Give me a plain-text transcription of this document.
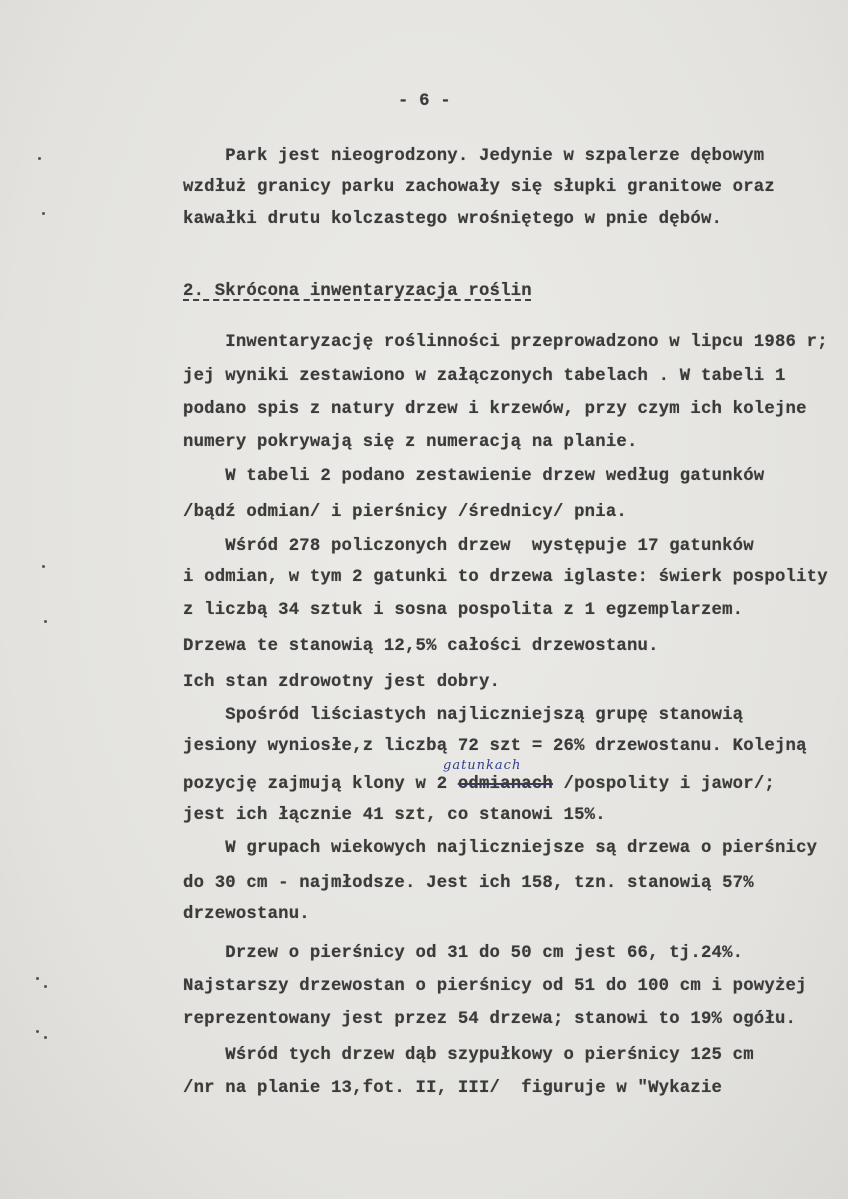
- 6 -
Park jest nieogrodzony. Jedynie w szpalerze dębowym
wzdłuż granicy parku zachowały się słupki granitowe oraz
kawałki drutu kolczastego wrośniętego w pnie dębów.
2. Skrócona inwentaryzacja roślin
Inwentaryzację roślinności przeprowadzono w lipcu 1986 r;
jej wyniki zestawiono w załączonych tabelach . W tabeli 1
podano spis z natury drzew i krzewów, przy czym ich kolejne
numery pokrywają się z numeracją na planie.
W tabeli 2 podano zestawienie drzew według gatunków
/bądź odmian/ i pierśnicy /średnicy/ pnia.
Wśród 278 policzonych drzew  występuje 17 gatunków
i odmian, w tym 2 gatunki to drzewa iglaste: świerk pospolity
z liczbą 34 sztuk i sosna pospolita z 1 egzemplarzem.
Drzewa te stanowią 12,5% całości drzewostanu.
Ich stan zdrowotny jest dobry.
Spośród liściastych najliczniejszą grupę stanowią
jesiony wyniosłe,z liczbą 72 szt = 26% drzewostanu. Kolejną
gatunkach
pozycję zajmują klony w 2 odmianach /pospolity i jawor/;
jest ich łącznie 41 szt, co stanowi 15%.
W grupach wiekowych najliczniejsze są drzewa o pierśnicy
do 30 cm - najmłodsze. Jest ich 158, tzn. stanowią 57%
drzewostanu.
Drzew o pierśnicy od 31 do 50 cm jest 66, tj.24%.
Najstarszy drzewostan o pierśnicy od 51 do 100 cm i powyżej
reprezentowany jest przez 54 drzewa; stanowi to 19% ogółu.
Wśród tych drzew dąb szypułkowy o pierśnicy 125 cm
/nr na planie 13,fot. II, III/  figuruje w "Wykazie
